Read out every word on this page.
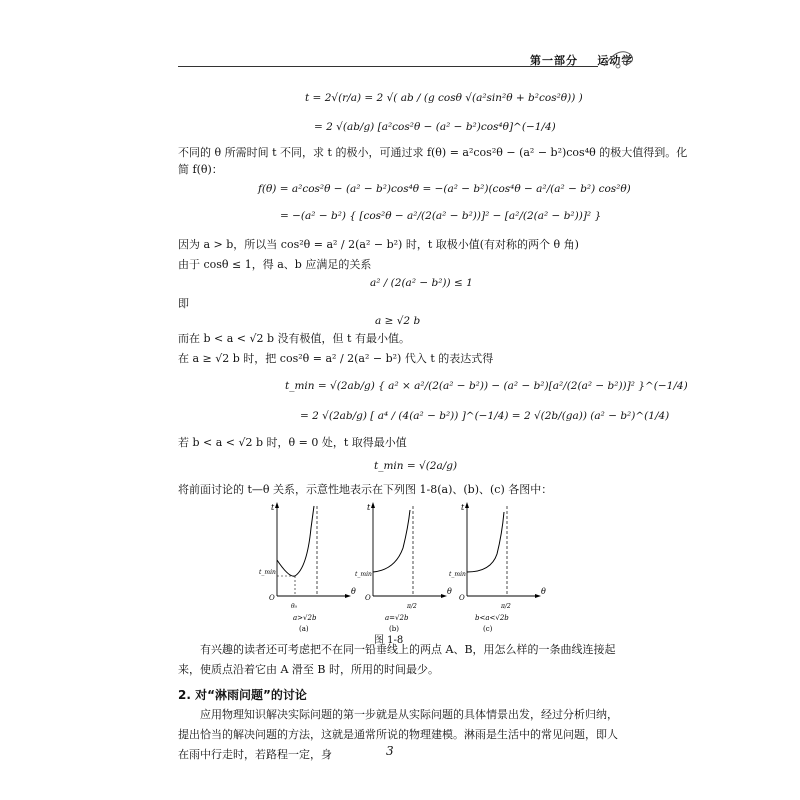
第一部分 运动学
t = 2√(r/a) = 2 √( ab / (g cosθ √(a²sin²θ + b²cos²θ)) )
= 2 √(ab/g) [a²cos²θ − (a² − b²)cos⁴θ]^(−1/4)
不同的 θ 所需时间 t 不同，求 t 的极小，可通过求 f(θ) = a²cos²θ − (a² − b²)cos⁴θ 的极大值得到。化
简 f(θ)：
f(θ) = a²cos²θ − (a² − b²)cos⁴θ = −(a² − b²)(cos⁴θ − a²/(a² − b²) cos²θ)
= −(a² − b²) { [cos²θ − a²/(2(a² − b²))]² − [a²/(2(a² − b²))]² }
因为 a > b，所以当 cos²θ = a² / 2(a² − b²) 时，t 取极小值(有对称的两个 θ 角)
由于 cosθ ≤ 1，得 a、b 应满足的关系
a² / (2(a² − b²)) ≤ 1
即
a ≥ √2 b
而在 b < a < √2 b 没有极值，但 t 有最小值。
在 a ≥ √2 b 时，把 cos²θ = a² / 2(a² − b²) 代入 t 的表达式得
t_min = √(2ab/g) { a² × a²/(2(a² − b²)) − (a² − b²)[a²/(2(a² − b²))]² }^(−1/4)
= 2 √(2ab/g) [ a⁴ / (4(a² − b²)) ]^(−1/4) = 2 √(2b/(ga)) (a² − b²)^(1/4)
若 b < a < √2 b 时，θ = 0 处，t 取得最小值
t_min = √(2a/g)
将前面讨论的 t—θ 关系，示意性地表示在下列图 1-8(a)、(b)、(c) 各图中：
t
θ
O
t_min
θ₀
a>√2b
(a)
t
θ
O
t_min
π/2
a=√2b
(b)
t
θ
O
t_min
π/2
b<a<√2b
(c)
图 1-8
有兴趣的读者还可考虑把不在同一铅垂线上的两点 A、B，用怎么样的一条曲线连接起来，使质点沿着它由 A 滑至 B 时，所用的时间最少。
2. 对“淋雨问题”的讨论
应用物理知识解决实际问题的第一步就是从实际问题的具体情景出发，经过分析归纳，提出恰当的解决问题的方法，这就是通常所说的物理建模。淋雨是生活中的常见问题，即人在雨中行走时，若路程一定，身	3
